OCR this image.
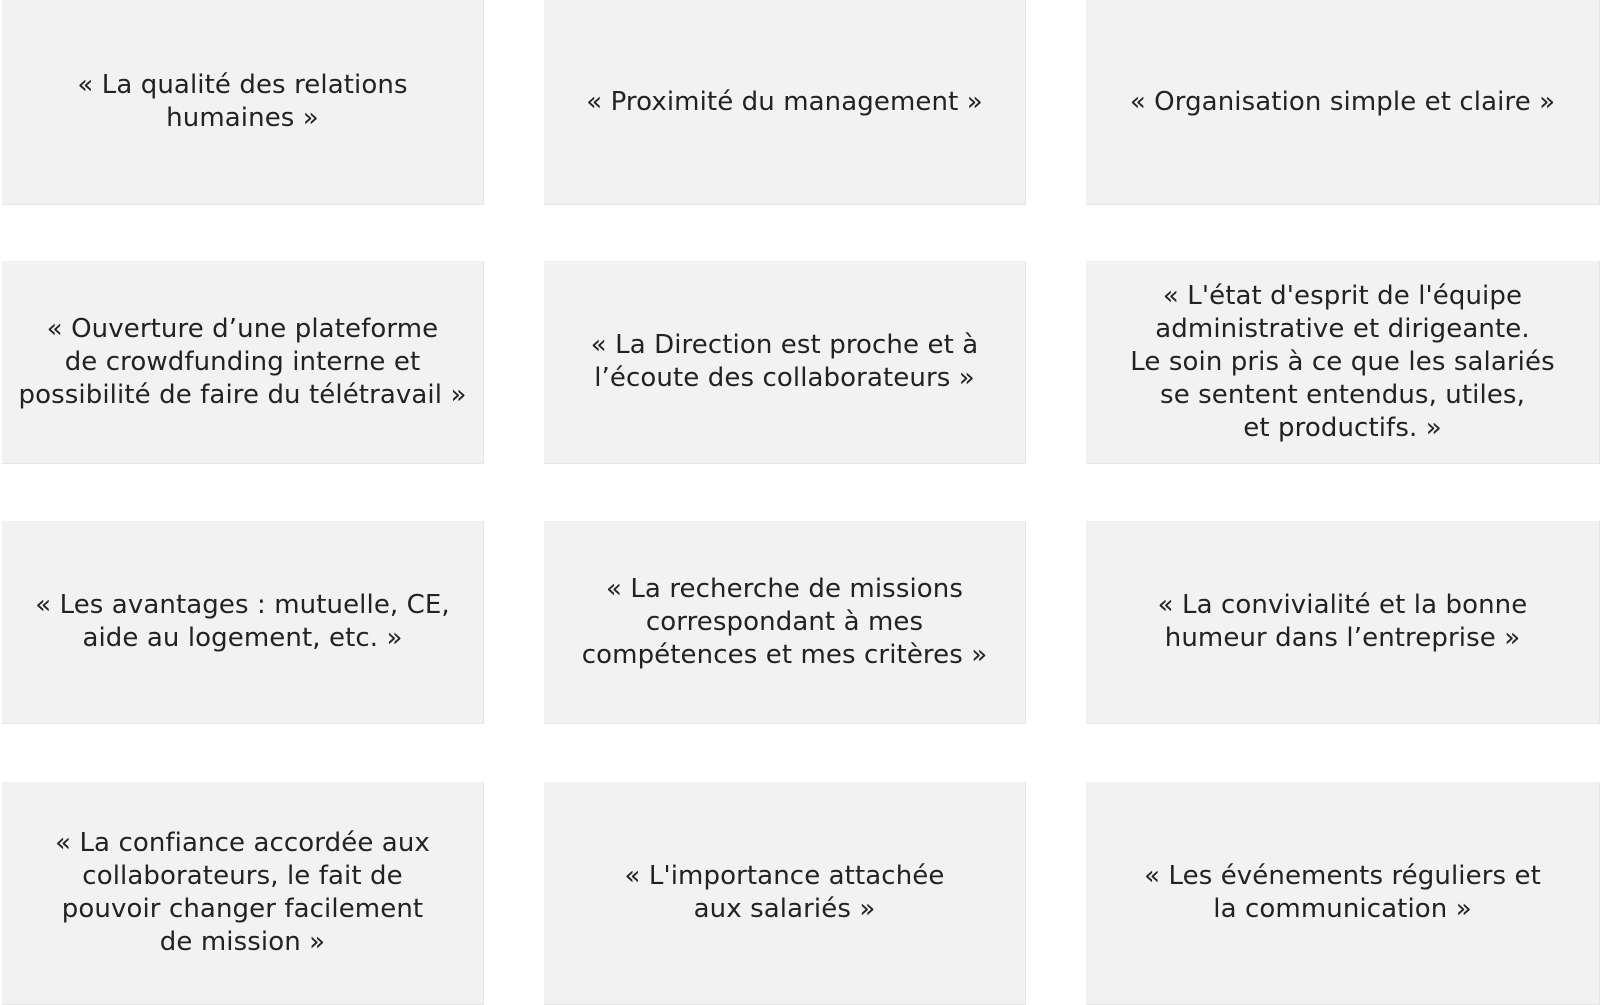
« La qualité des relations
humaines »
« Proximité du management »	« Organisation simple et claire »
« Ouverture d’une plateforme
de crowdfunding interne et
possibilité de faire du télétravail »
« La Direction est proche et à
l’écoute des collaborateurs »
« L'état d'esprit de l'équipe
administrative et dirigeante.
Le soin pris à ce que les salariés
se sentent entendus, utiles,
et productifs. »
« Les avantages : mutuelle, CE,
aide au logement, etc. »
« La recherche de missions
correspondant à mes
compétences et mes critères »
« La convivialité et la bonne
humeur dans l’entreprise »
« La confiance accordée aux
collaborateurs, le fait de
pouvoir changer facilement
de mission »
« L'importance attachée
aux salariés »
« Les événements réguliers et
la communication »
